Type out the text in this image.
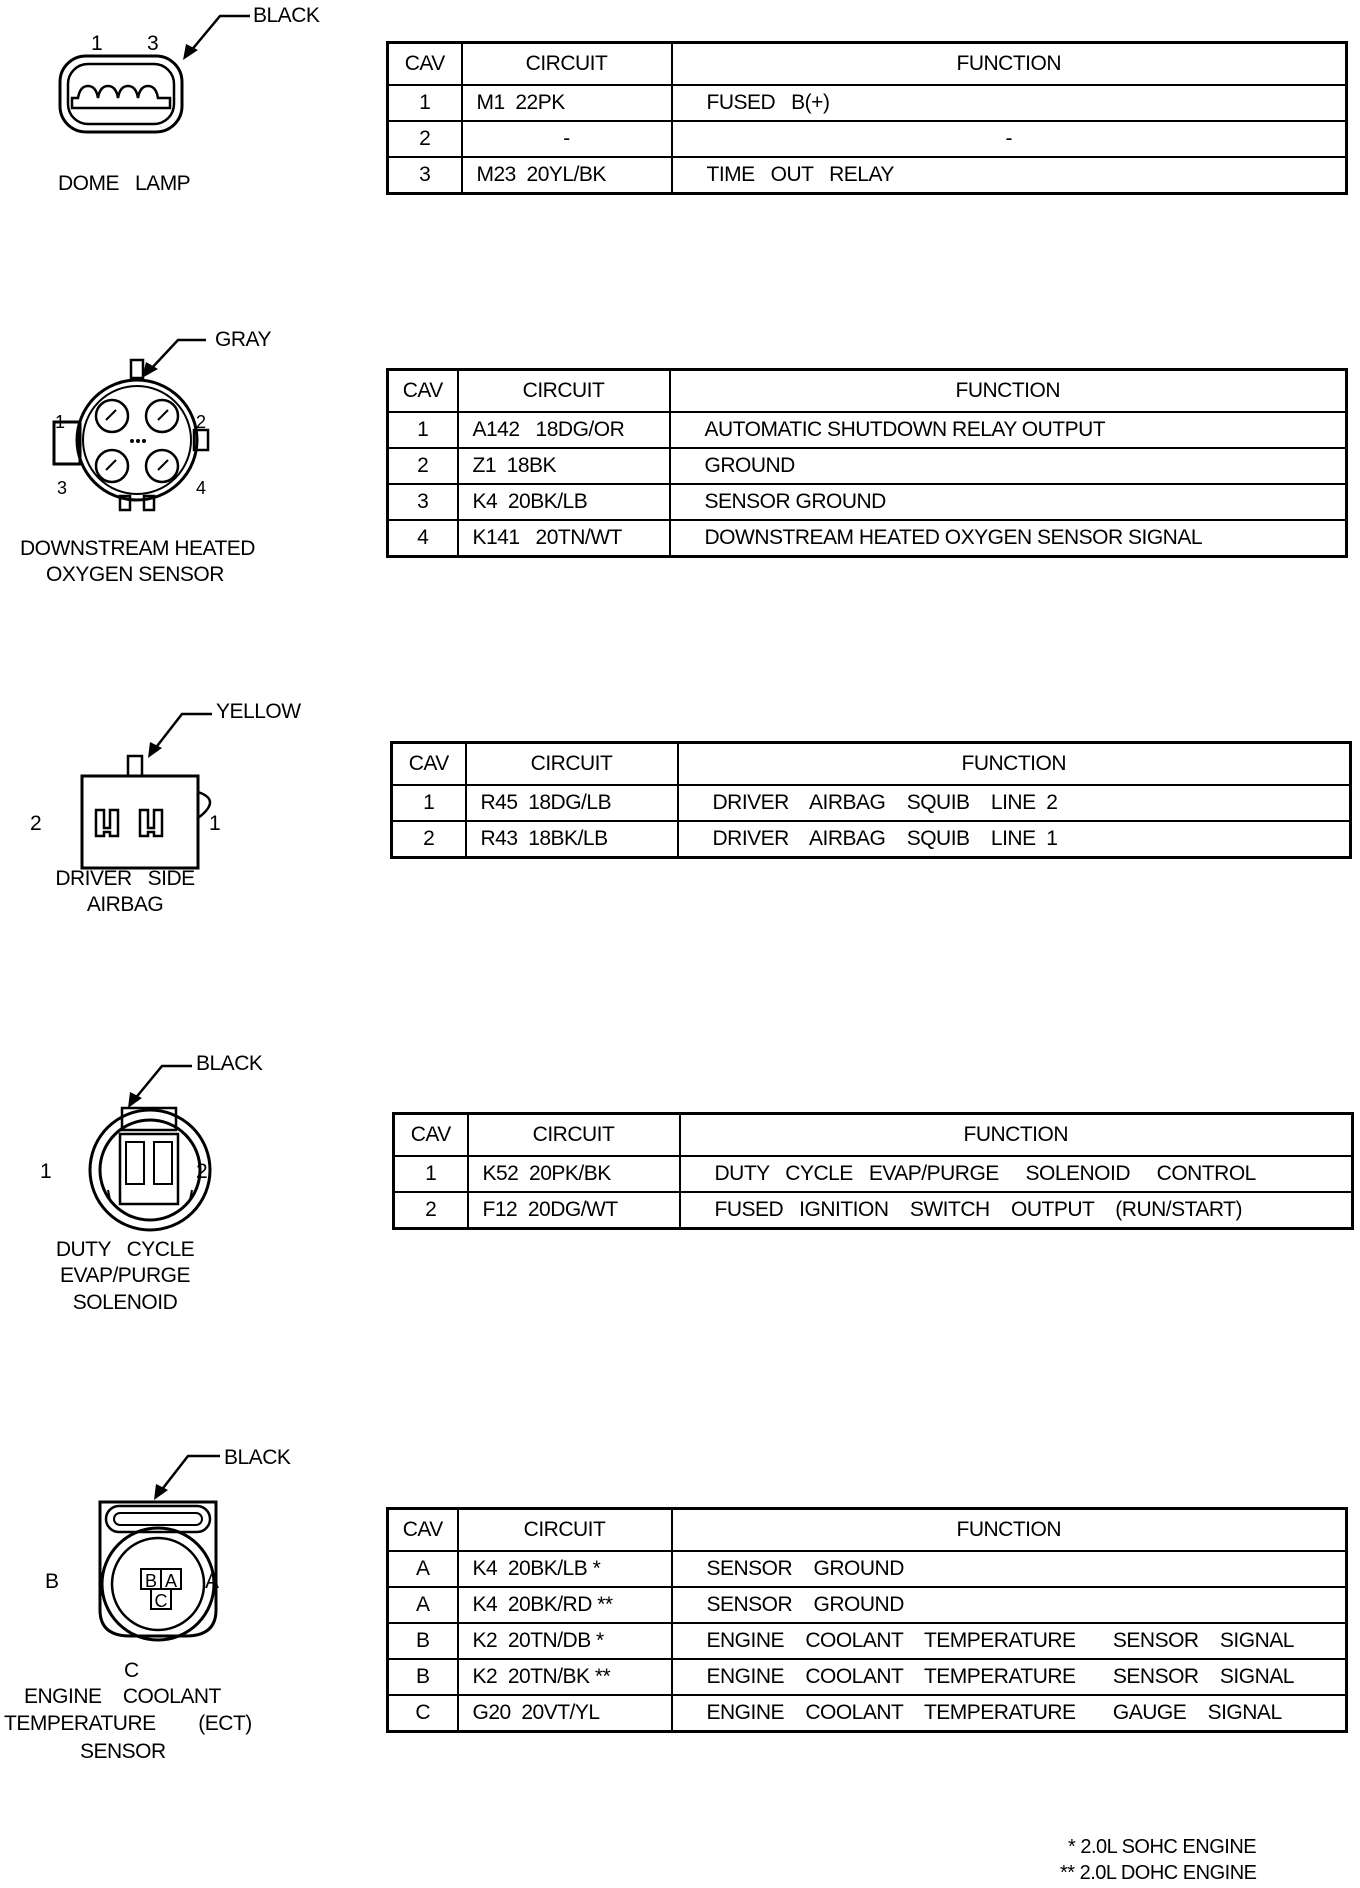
BLACK
1 3
DOME   LAMP
CAV	CIRCUIT	FUNCTION
1	M1  22PK	FUSED   B(+)
2	-	-
3	M23  20YL/BK	TIME   OUT   RELAY
GRAY
1	2
3	4
DOWNSTREAM HEATED
OXYGEN SENSOR
CAV	CIRCUIT	FUNCTION
1	A142   18DG/OR	AUTOMATIC SHUTDOWN RELAY OUTPUT
2	Z1  18BK	GROUND
3	K4  20BK/LB	SENSOR GROUND
4	K141   20TN/WT	DOWNSTREAM HEATED OXYGEN SENSOR SIGNAL
YELLOW
2	1
DRIVER   SIDE
AIRBAG
CAV	CIRCUIT	FUNCTION
1	R45  18DG/LB	DRIVER    AIRBAG    SQUIB    LINE  2
2	R43  18BK/LB	DRIVER    AIRBAG    SQUIB    LINE  1
BLACK
1	2
DUTY   CYCLE
EVAP/PURGE
SOLENOID
CAV	CIRCUIT	FUNCTION
1	K52  20PK/BK	DUTY   CYCLE   EVAP/PURGE     SOLENOID     CONTROL
2	F12  20DG/WT	FUSED   IGNITION    SWITCH    OUTPUT    (RUN/START)
B A
C
BLACK
B	A
C
ENGINE    COOLANT
TEMPERATURE        (ECT)
SENSOR
CAV	CIRCUIT	FUNCTION
A	K4  20BK/LB *	SENSOR    GROUND
A	K4  20BK/RD **	SENSOR    GROUND
B	K2  20TN/DB *	ENGINE    COOLANT    TEMPERATURE       SENSOR    SIGNAL
B	K2  20TN/BK **	ENGINE    COOLANT    TEMPERATURE       SENSOR    SIGNAL
C	G20  20VT/YL	ENGINE    COOLANT    TEMPERATURE       GAUGE    SIGNAL
* 2.0L SOHC ENGINE
** 2.0L DOHC ENGINE
